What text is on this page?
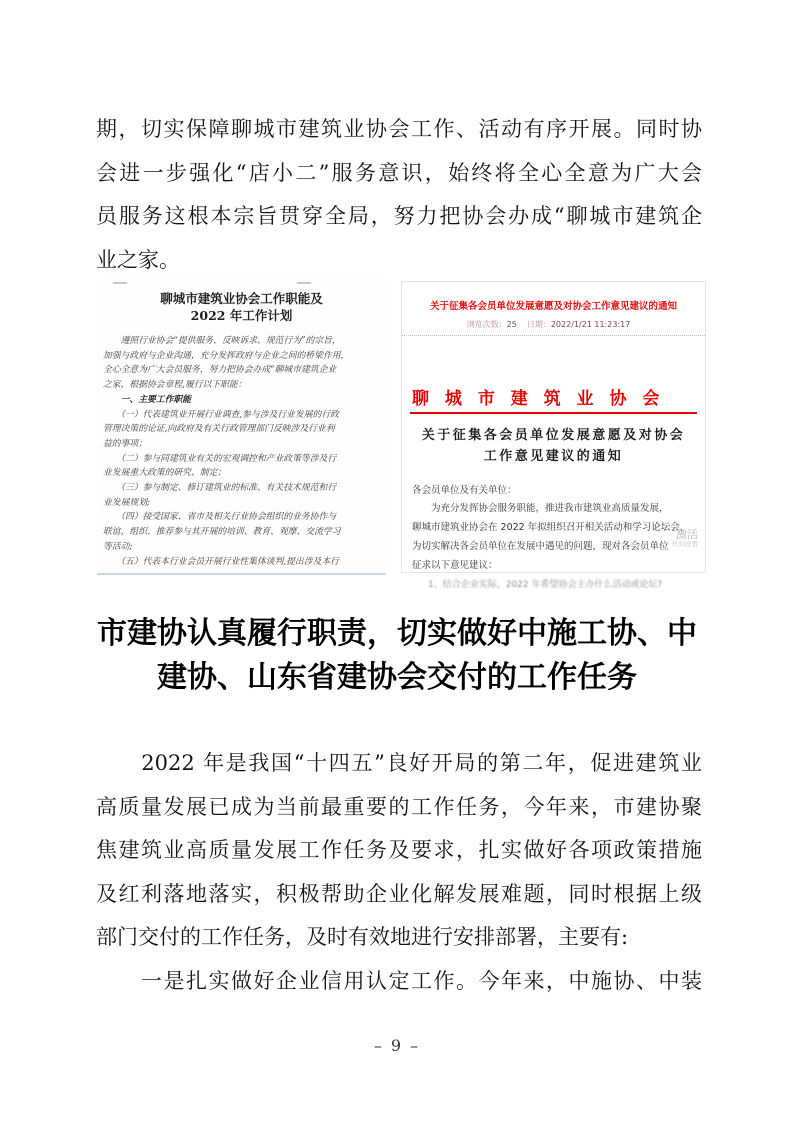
期，切实保障聊城市建筑业协会工作、活动有序开展。同时协
会进一步强化“店小二”服务意识，始终将全心全意为广大会
员服务这根本宗旨贯穿全局，努力把协会办成“聊城市建筑企
业之家。
聊城市建筑业协会工作职能及
2022 年工作计划
　　遵照行业协会“提供服务、反映诉求、规范行为”的宗旨，
加强与政府与企业沟通，充分发挥政府与企业之间的桥梁作用，
全心全意为广大会员服务，努力把协会办成“聊城市建筑企业
之家，根据协会章程,履行以下职能：
　　一、主要工作职能
　　（一）代表建筑业开展行业调查,参与涉及行业发展的行政
管理决策的论证,向政府及有关行政管理部门反映涉及行业利
益的事项；
　　（二）参与同建筑业有关的宏观调控和产业政策等涉及行
业发展重大政策的研究、制定；
　　（三）参与制定、修订建筑业的标准、有关技术规范和行
业发展规划;
　　（四）接受国家、省市及相关行业协会组织的业务协作与
联谊，组织、推荐参与其开展的培训、教育、观摩、交流学习
等活动;
　　（五）代表本行业会员开展行业性集体谈判,提出涉及本行
关于征集各会员单位发展意愿及对协会工作意见建议的通知
浏览次数：25 日期：2022/1/21 11:23:17
聊 城 市 建 筑 业 协 会
关于征集各会员单位发展意愿及对协会
工作意见建议的通知
各会员单位及有关单位：
　　为充分发挥协会服务职能，推进我市建筑业高质量发展，
聊城市建筑业协会在 2022 年拟组织召开相关活动和学习论坛会，
为切实解决各会员单位在发展中遇见的问题，现对各会员单位
征求以下意见建议：
1、结合企业实际，2022 年希望协会主办什么活动或论坛?
激活
转到设置
市建协认真履行职责，切实做好中施工协、中
建协、山东省建协会交付的工作任务
　　2022 年是我国“十四五”良好开局的第二年，促进建筑业
高质量发展已成为当前最重要的工作任务，今年来，市建协聚
焦建筑业高质量发展工作任务及要求，扎实做好各项政策措施
及红利落地落实，积极帮助企业化解发展难题，同时根据上级
部门交付的工作任务，及时有效地进行安排部署，主要有:
　　一是扎实做好企业信用认定工作。今年来，中施协、中装
– 9 –
